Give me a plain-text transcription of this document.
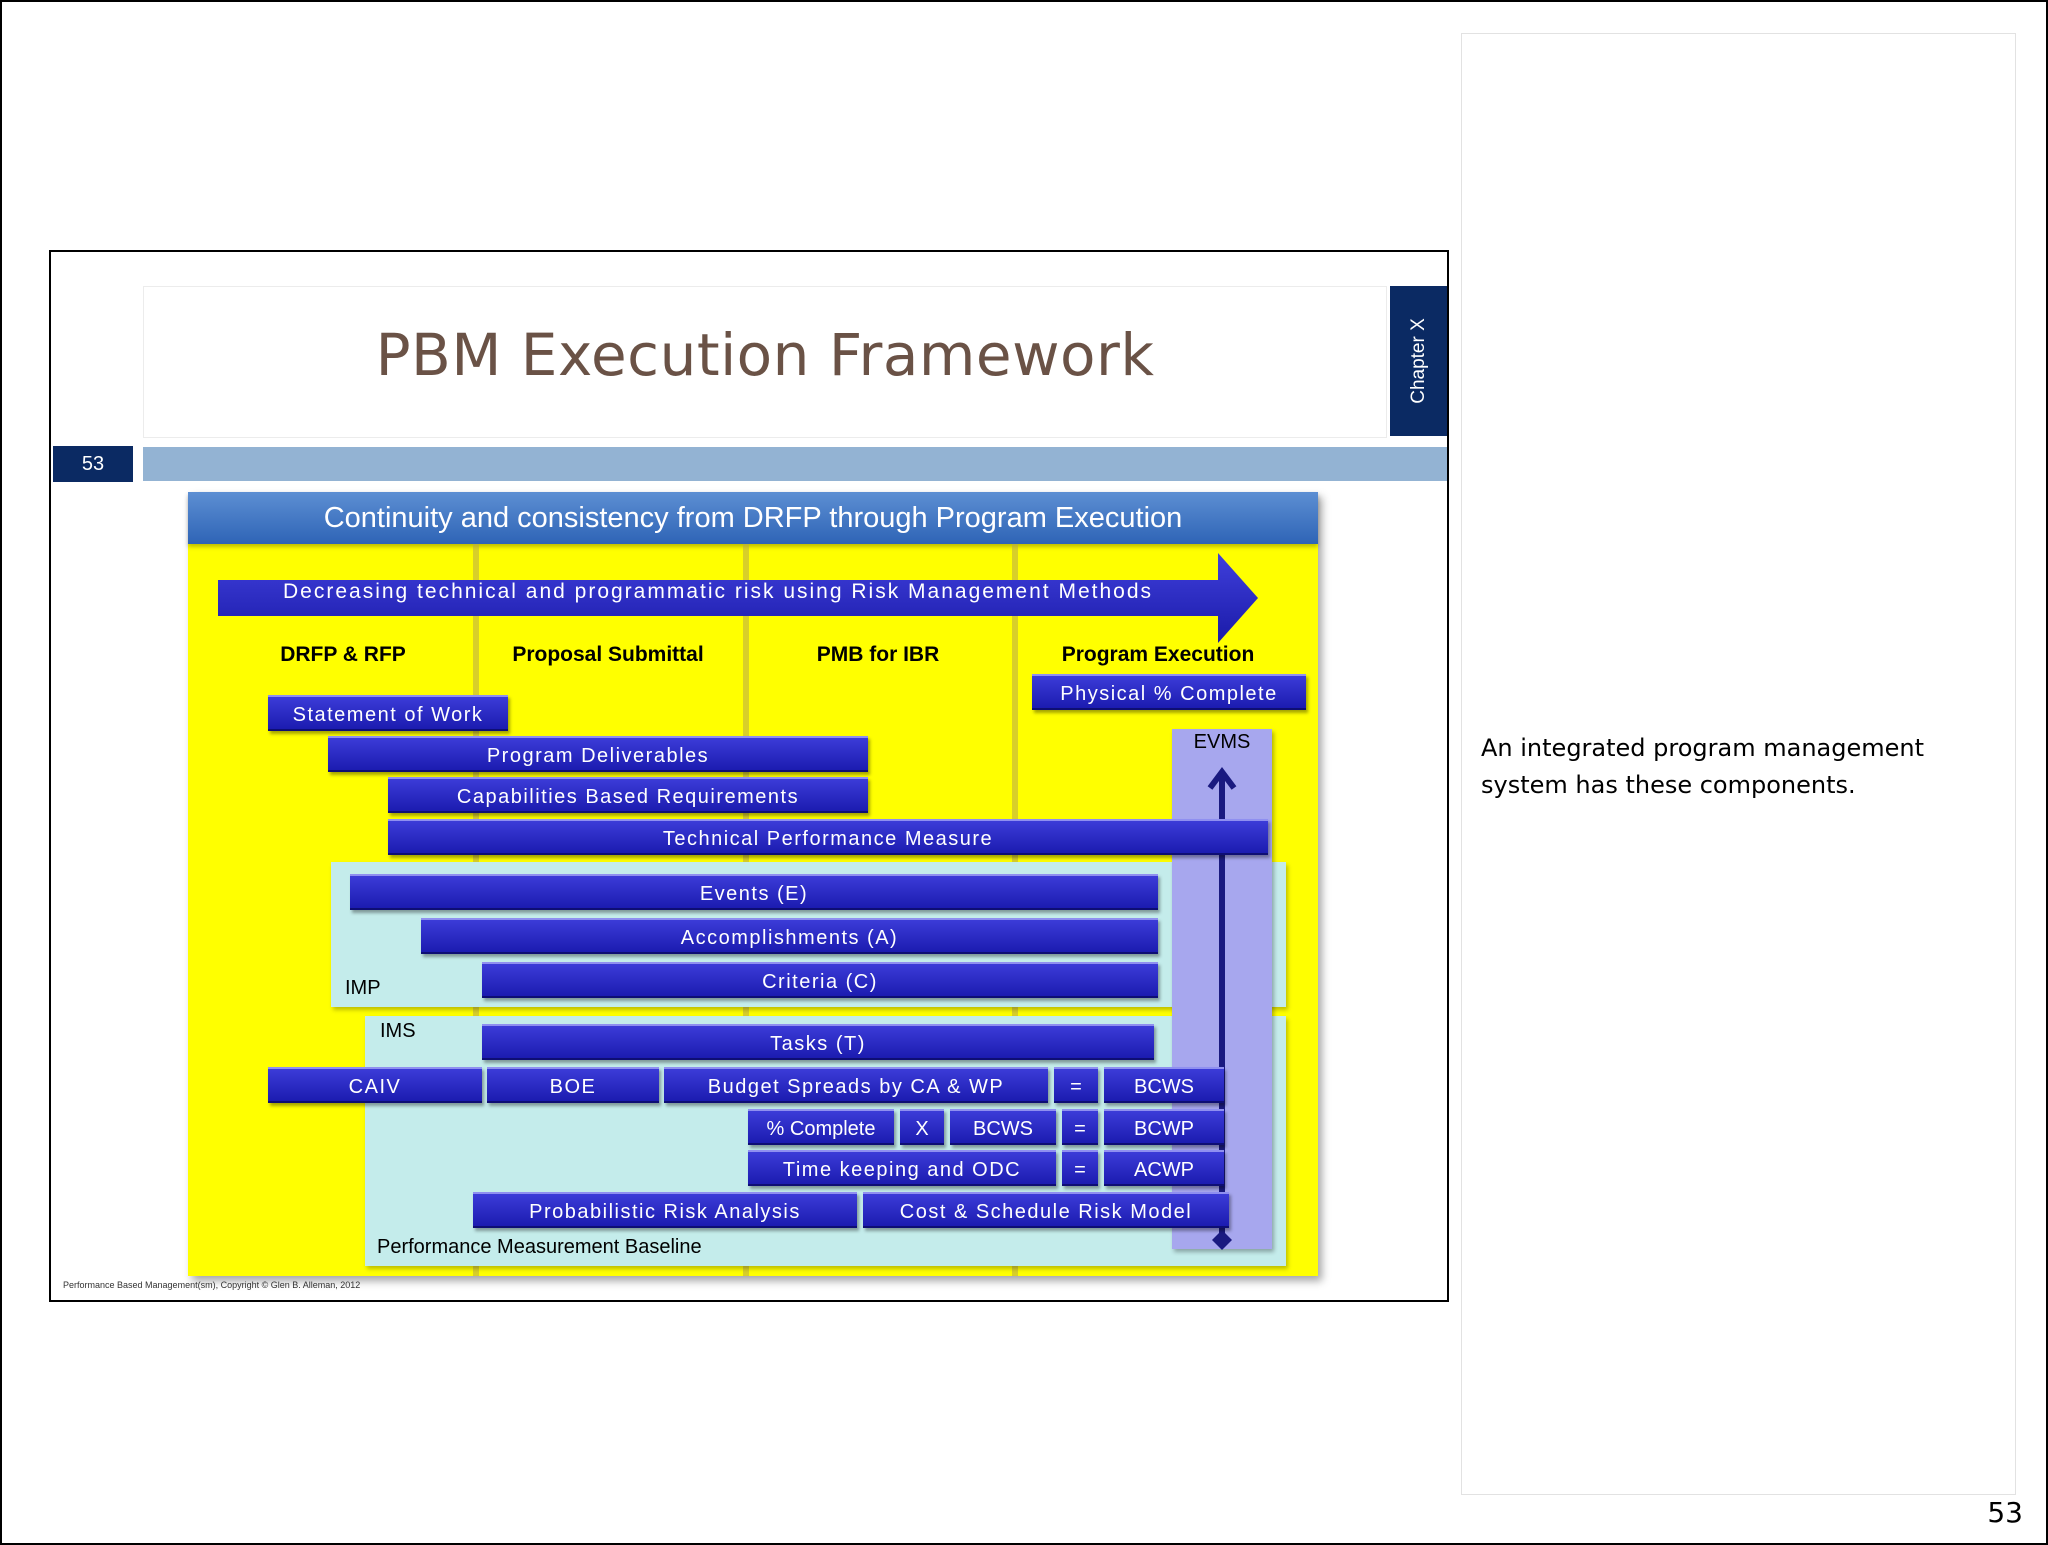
PBM Execution Framework	Chapter X
53
Continuity and consistency from DRFP through Program Execution
Decreasing technical and programmatic risk using Risk Management Methods
DRFP & RFP	Proposal Submittal	PMB for IBR	Program Execution
IMP
IMS
Performance Measurement Baseline
EVMS
Physical % Complete
Statement of Work
Program Deliverables
Capabilities Based Requirements
Technical Performance Measure
Events (E)
Accomplishments (A)
Criteria (C)
Tasks (T)
CAIV	BOE	Budget Spreads by CA & WP	=	BCWS
% Complete	X	BCWS	=	BCWP
Time keeping and ODC	=	ACWP
Probabilistic Risk Analysis	Cost & Schedule Risk Model
Performance Based Management(sm), Copyright © Glen B. Alleman, 2012
An integrated program management system has these components.
53
